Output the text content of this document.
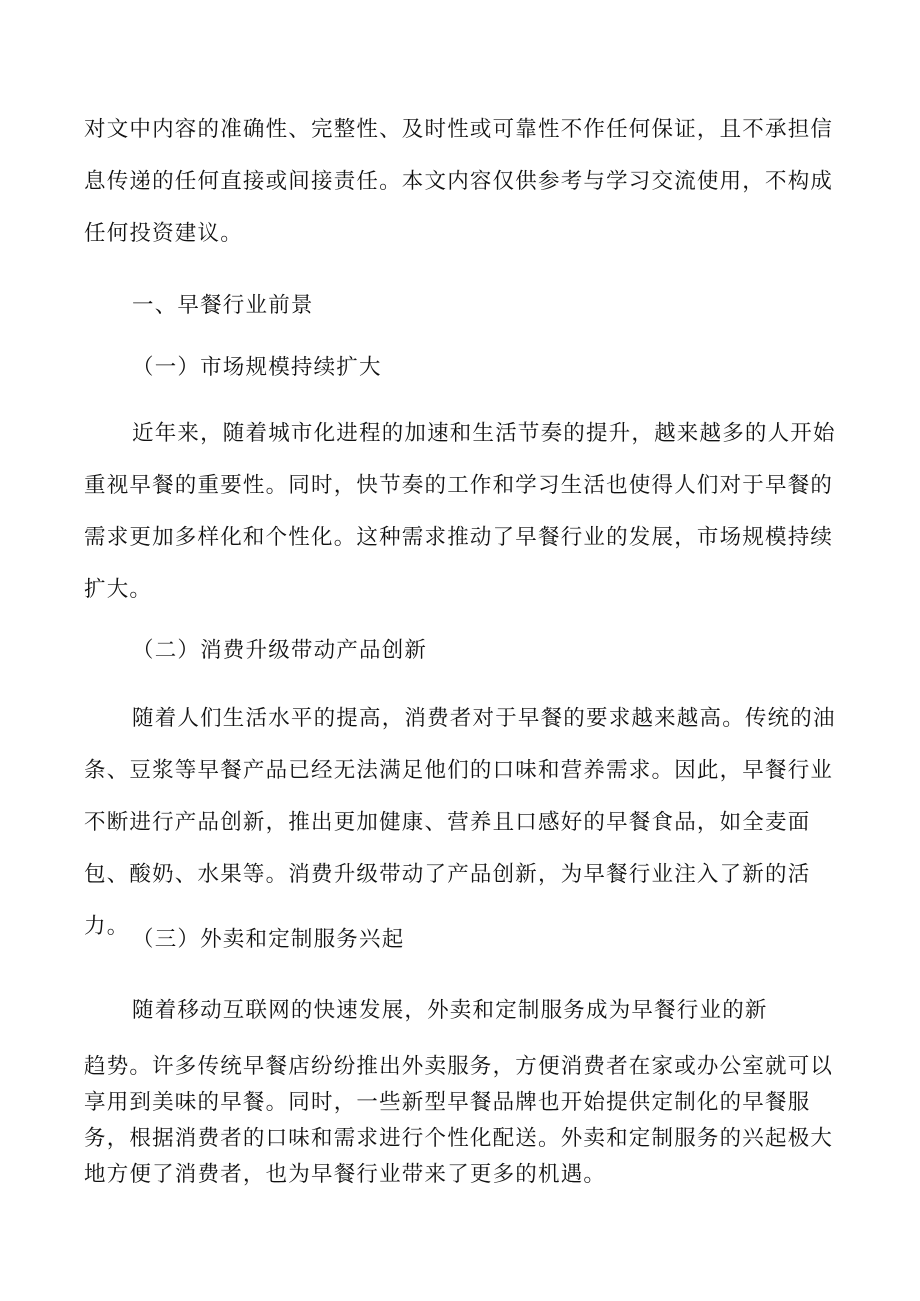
对文中内容的准确性、完整性、及时性或可靠性不作任何保证，且不承担信息传递的任何直接或间接责任。本文内容仅供参考与学习交流使用，不构成任何投资建议。

一、早餐行业前景

（一）市场规模持续扩大

近年来，随着城市化进程的加速和生活节奏的提升，越来越多的人开始重视早餐的重要性。同时，快节奏的工作和学习生活也使得人们对于早餐的需求更加多样化和个性化。这种需求推动了早餐行业的发展，市场规模持续扩大。

（二）消费升级带动产品创新

随着人们生活水平的提高，消费者对于早餐的要求越来越高。传统的油条、豆浆等早餐产品已经无法满足他们的口味和营养需求。因此，早餐行业不断进行产品创新，推出更加健康、营养且口感好的早餐食品，如全麦面包、酸奶、水果等。消费升级带动了产品创新，为早餐行业注入了新的活力。

（三）外卖和定制服务兴起

随着移动互联网的快速发展，外卖和定制服务成为早餐行业的新

趋势。许多传统早餐店纷纷推出外卖服务，方便消费者在家或办公室就可以享用到美味的早餐。同时，一些新型早餐品牌也开始提供定制化的早餐服务，根据消费者的口味和需求进行个性化配送。外卖和定制服务的兴起极大地方便了消费者，也为早餐行业带来了更多的机遇。
